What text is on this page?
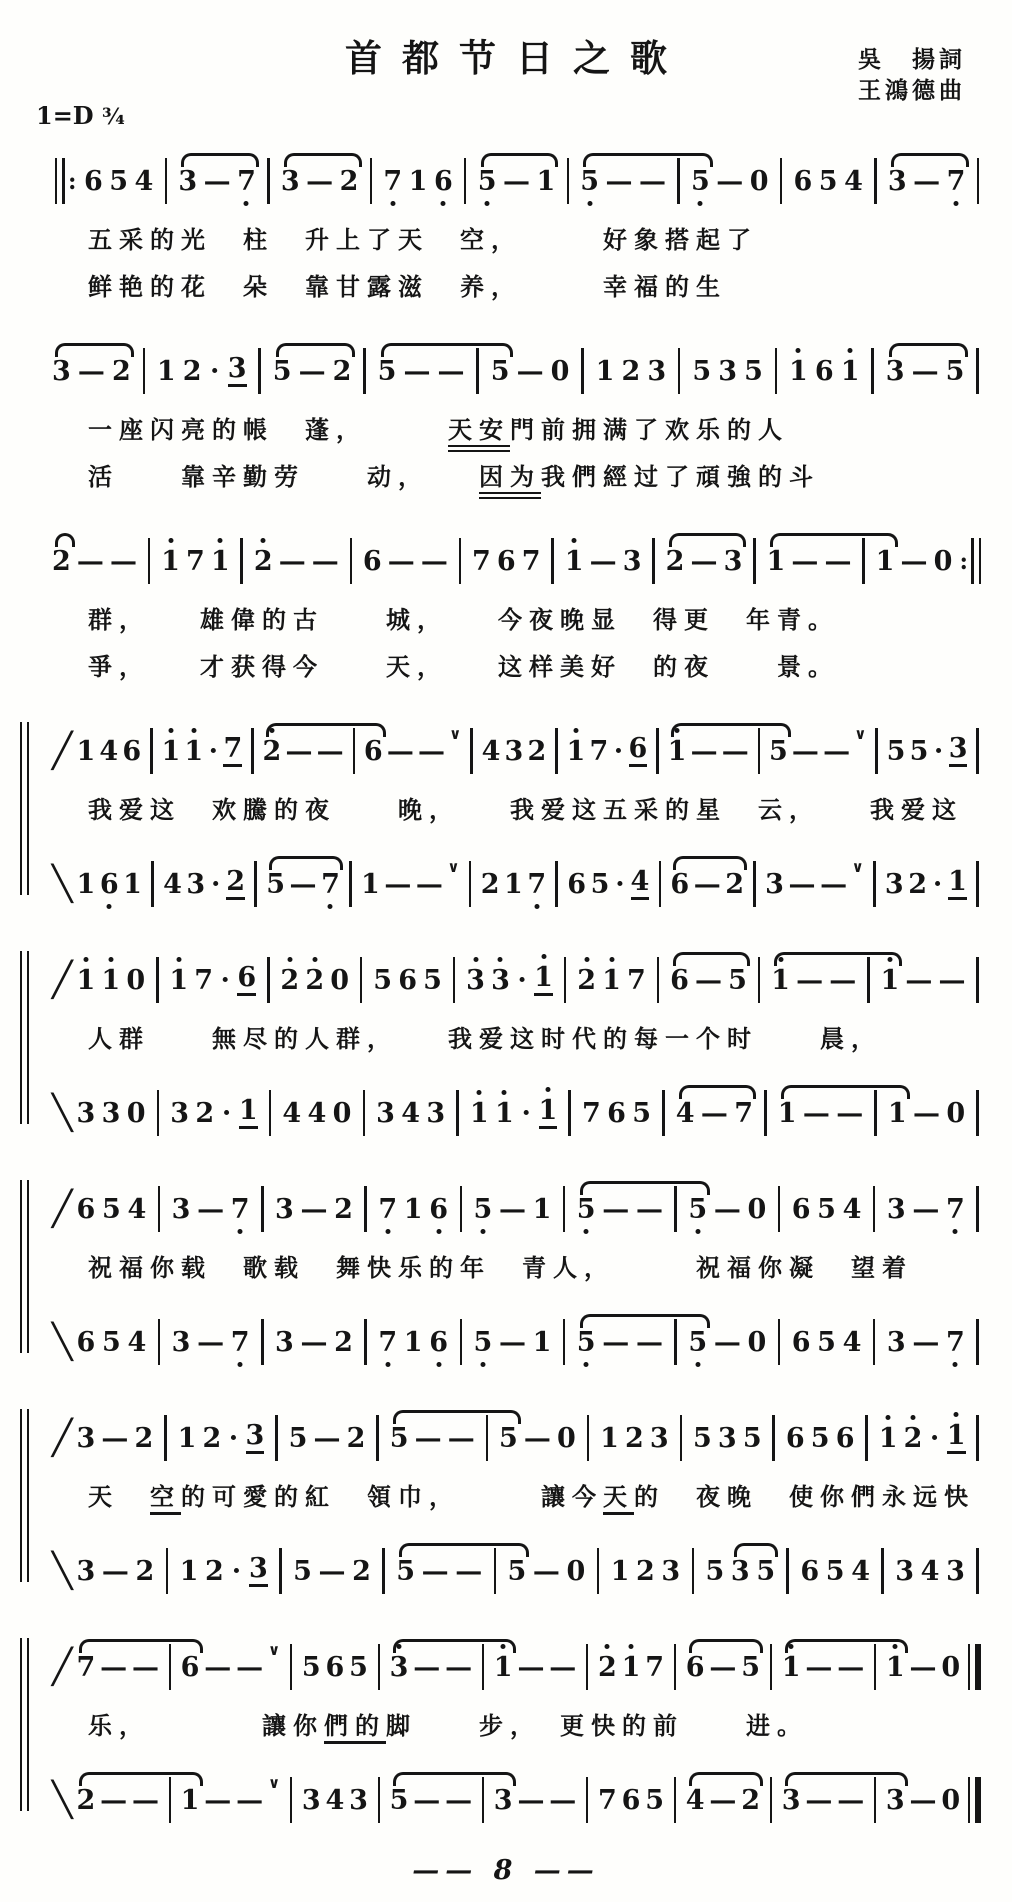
1=D ¾
首都节日之歌	吳　揚詞
王鴻德曲
: 6 5 4 3 — 7 3 — 2 7 1 6 5 — 1 5 — — 5 — 0 6 5 4 3 — 7
五采的光　柱　升上了天　空，　　　好象搭起了
鲜艳的花　朵　靠甘露滋　养，　　　幸福的生
3 — 2 1 2 · 3 5 — 2 5 — — 5 — 0 1 2 3 5 3 5 1 6 1 3 — 5
一座闪亮的帳　蓬，　　　天安門前拥满了欢乐的人
活　　靠辛勤劳　　动，　　因为我們經过了頑強的斗
2 — — 1 7 1 2 — — 6 — — 7 6 7 1 — 3 2 — 3 1 — — 1 — 0 :
群，　　雄偉的古　　城，　　今夜晚显　得更　年青。
爭，　　才获得今　　天，　　这样美好　的夜　　景。
╱ 1 4 6 1 1 · 7 2 — — 6 — —
∨
4 3 2 1 7 · 6 1 — — 5 — —
∨
5 5 · 3
我爱这　欢騰的夜　　晚，　　我爱这五采的星　云，　　我爱这
╲ 1 6 1 4 3 · 2 5 — 7 1 — —
∨
2 1 7 6 5 · 4 6 — 2 3 — —
∨
3 2 · 1
╱ 1 1 0 1 7 · 6 2 2 0 5 6 5 3 3 · 1 2 1 7 6 — 5 1 — — 1 — —
人群　　無尽的人群，　　我爱这时代的每一个时　　晨，
╲ 3 3 0 3 2 · 1 4 4 0 3 4 3 1 1 · 1 7 6 5 4 — 7 1 — — 1 — 0
╱ 6 5 4 3 — 7 3 — 2 7 1 6 5 — 1 5 — — 5 — 0 6 5 4 3 — 7
祝福你载　歌载　舞快乐的年　青人，　　　祝福你凝　望着
╲ 6 5 4 3 — 7 3 — 2 7 1 6 5 — 1 5 — — 5 — 0 6 5 4 3 — 7
╱ 3 — 2 1 2 · 3 5 — 2 5 — — 5 — 0 1 2 3 5 3 5 6 5 6 1 2 · 1
天　空的可愛的紅　領巾，　　　讓今天的　夜晚　使你們永远快
╲ 3 — 2 1 2 · 3 5 — 2 5 — — 5 — 0 1 2 3 5 3 5 6 5 4 3 4 3
╱ 7 — — 6 — —
∨
5 6 5 3 — — 1 — — 2 1 7 6 — 5 1 — — 1 — 0
乐，　　　　讓你們的脚　　步，　更快的前　　进。
╲ 2 — — 1 — —
∨
3 4 3 5 — — 3 — — 7 6 5 4 — 2 3 — — 3 — 0
—— 8 ——
